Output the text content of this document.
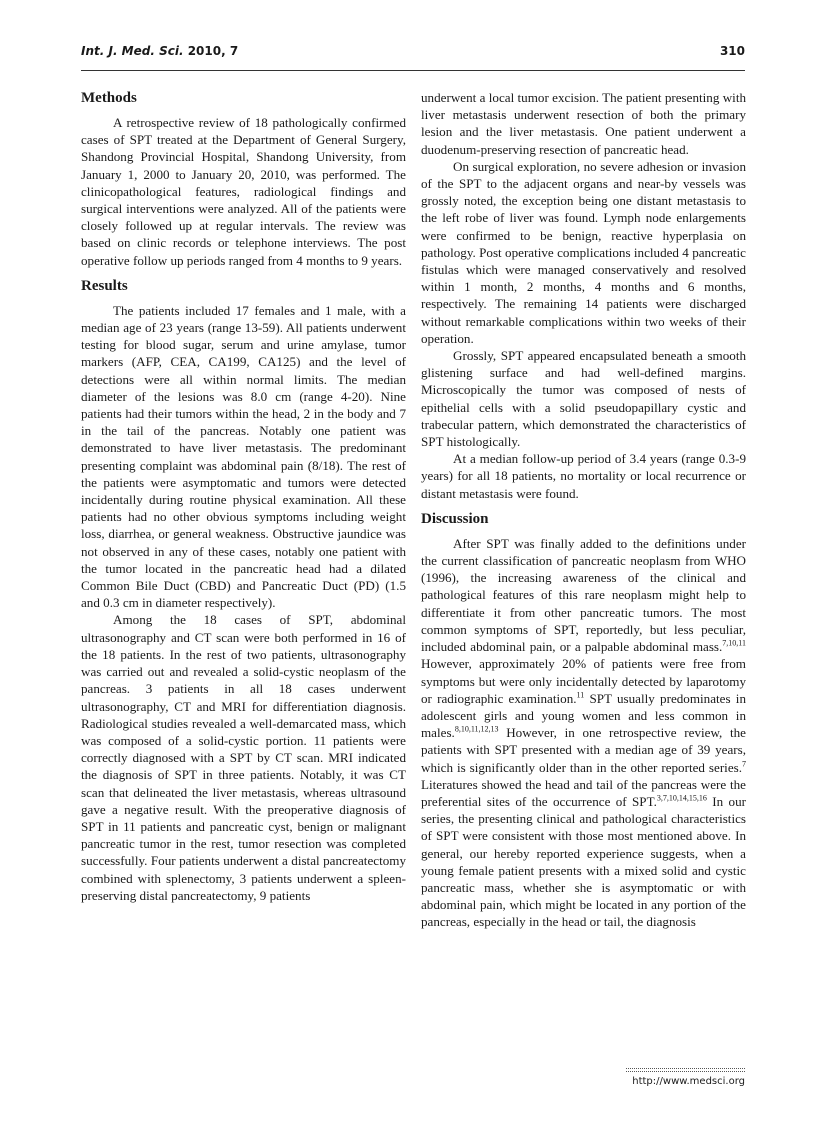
Int. J. Med. Sci. 2010, 7	310
Methods

A retrospective review of 18 pathologically confirmed cases of SPT treated at the Department of General Surgery, Shandong Provincial Hospital, Shandong University, from January 1, 2000 to January 20, 2010, was performed. The clinicopathological features, radiological findings and surgical interventions were analyzed. All of the patients were closely followed up at regular intervals. The review was based on clinic records or telephone interviews. The post operative follow up periods ranged from 4 months to 9 years.

Results

The patients included 17 females and 1 male, with a median age of 23 years (range 13-59). All patients underwent testing for blood sugar, serum and urine amylase, tumor markers (AFP, CEA, CA199, CA125) and the level of detections were all within normal limits. The median diameter of the lesions was 8.0 cm (range 4-20). Nine patients had their tumors within the head, 2 in the body and 7 in the tail of the pancreas. Notably one patient was demonstrated to have liver metastasis. The predominant presenting complaint was abdominal pain (8/18). The rest of the patients were asymptomatic and tumors were detected incidentally during routine physical examination. All these patients had no other obvious symptoms including weight loss, diarrhea, or general weakness. Obstructive jaundice was not observed in any of these cases, notably one patient with the tumor located in the pancreatic head had a dilated Common Bile Duct (CBD) and Pancreatic Duct (PD) (1.5 and 0.3 cm in diameter respectively).

Among the 18 cases of SPT, abdominal ultrasonography and CT scan were both performed in 16 of the 18 patients. In the rest of two patients, ultrasonography was carried out and revealed a solid-cystic neoplasm of the pancreas. 3 patients in all 18 cases underwent ultrasonography, CT and MRI for differentiation diagnosis. Radiological studies revealed a well-demarcated mass, which was composed of a solid-cystic portion. 11 patients were correctly diagnosed with a SPT by CT scan. MRI indicated the diagnosis of SPT in three patients. Notably, it was CT scan that delineated the liver metastasis, whereas ultrasound gave a negative result. With the preoperative diagnosis of SPT in 11 patients and pancreatic cyst, benign or malignant pancreatic tumor in the rest, tumor resection was completed successfully. Four patients underwent a distal pancreatectomy combined with splenectomy, 3 patients underwent a spleen-preserving distal pancreatectomy, 9 patients

underwent a local tumor excision. The patient presenting with liver metastasis underwent resection of both the primary lesion and the liver metastasis. One patient underwent a duodenum-preserving resection of pancreatic head.

On surgical exploration, no severe adhesion or invasion of the SPT to the adjacent organs and near-by vessels was grossly noted, the exception being one distant metastasis to the left robe of liver was found. Lymph node enlargements were confirmed to be benign, reactive hyperplasia on pathology. Post operative complications included 4 pancreatic fistulas which were managed conservatively and resolved within 1 month, 2 months, 4 months and 6 months, respectively. The remaining 14 patients were discharged without remarkable complications within two weeks of their operation.

Grossly, SPT appeared encapsulated beneath a smooth glistening surface and had well-defined margins. Microscopically the tumor was composed of nests of epithelial cells with a solid pseudopapillary cystic and trabecular pattern, which demonstrated the characteristics of SPT histologically.

At a median follow-up period of 3.4 years (range 0.3-9 years) for all 18 patients, no mortality or local recurrence or distant metastasis were found.

Discussion

After SPT was finally added to the definitions under the current classification of pancreatic neoplasm from WHO (1996), the increasing awareness of the clinical and pathological features of this rare neoplasm might help to differentiate it from other pancreatic tumors. The most common symptoms of SPT, reportedly, but less peculiar, included abdominal pain, or a palpable abdominal mass.$^{7,10,11}$ However, approximately 20% of patients were free from symptoms but were only incidentally detected by laparotomy or radiographic examination.$^{11}$ SPT usually predominates in adolescent girls and young women and less common in males.$^{8,10,11,12,13}$ However, in one retrospective review, the patients with SPT presented with a median age of 39 years, which is significantly older than in the other reported series.$^7$ Literatures showed the head and tail of the pancreas were the preferential sites of the occurrence of SPT.$^{3,7,10,14,15,16}$ In our series, the presenting clinical and pathological characteristics of SPT were consistent with those most mentioned above. In general, our hereby reported experience suggests, when a young female patient presents with a mixed solid and cystic pancreatic mass, whether she is asymptomatic or with abdominal pain, which might be located in any portion of the pancreas, especially in the head or tail, the diagnosis

http://www.medsci.org
